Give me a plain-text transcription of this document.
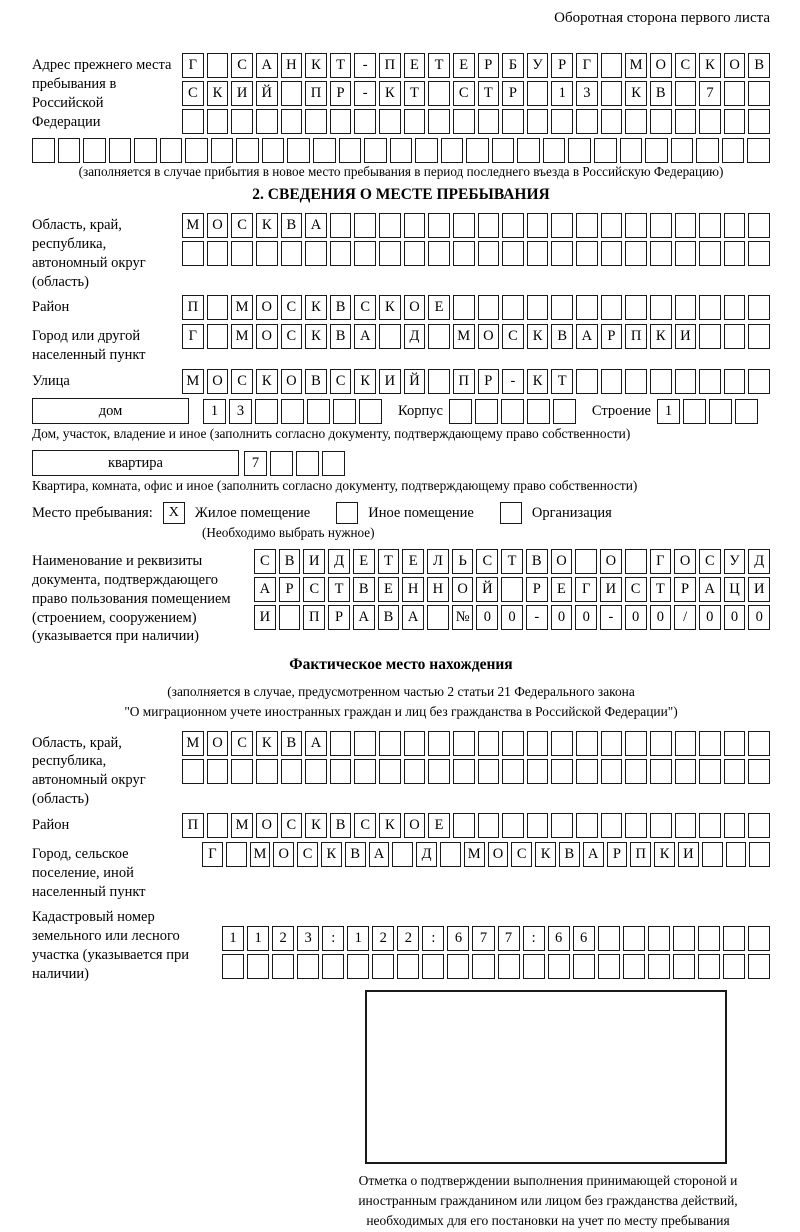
Оборотная сторона первого листа
Адрес прежнего места пребывания в Российской Федерации
Г	С	А Н	К	Т	-	П	Е	Т	Е	Р	Б	У	Р	Г	М О	С	К	О	В
С	К	И Й	П	Р	-	К	Т	С	Т	Р	1	3	К	В	7
(заполняется в случае прибытия в новое место пребывания в период последнего въезда в Российскую Федерацию)
2. СВЕДЕНИЯ О МЕСТЕ ПРЕБЫВАНИЯ
Область, край, республика, автономный округ (область)
М О	С	К	В	А
Район	П	М О	С	К	В	С	К	О	Е
Город или другой населенный пункт
Г	М О	С	К	В	А	Д	М О	С	К	В	А	Р	П	К	И
Улица	М О	С	К	О	В	С	К	И Й	П	Р	-	К	Т
дом	1	3	Корпус	Строение 1
Дом, участок, владение и иное (заполнить согласно документу, подтверждающему право собственности)
квартира	7
Квартира, комната, офис и иное (заполнить согласно документу, подтверждающему право собственности)
Место пребывания:	X	Жилое помещение	Иное помещение	Организация
(Необходимо выбрать нужное)
Наименование и реквизиты документа, подтверждающего право пользования помещением (строением, сооружением) (указывается при наличии)
С	В	И	Д	Е	Т	Е	Л	Ь	С	Т	В	О	О	Г	О	С	У	Д
А	Р	С	Т	В	Е	Н Н О Й	Р	Е	Г	И	С	Т	Р	А Ц И
И	П	Р	А	В	А	№ 0	0	-	0	0	-	0	0	/	0	0	0
Фактическое место нахождения
(заполняется в случае, предусмотренном частью 2 статьи 21 Федерального закона
"О миграционном учете иностранных граждан и лиц без гражданства в Российской Федерации")
Область, край, республика, автономный округ (область)
М О	С	К	В	А
Район	П	М О	С	К	В	С	К	О	Е
Город, сельское поселение, иной населенный пункт
Г	М О С К В А	Д	М О С К В А	Р	П К И
Кадастровый номер земельного или лесного участка (указывается при наличии)
1	1	2	3	:	1	2	2	:	6	7	7	:	6	6
Отметка о подтверждении выполнения принимающей стороной и иностранным гражданином или лицом без гражданства действий, необходимых для его постановки на учет по месту пребывания
